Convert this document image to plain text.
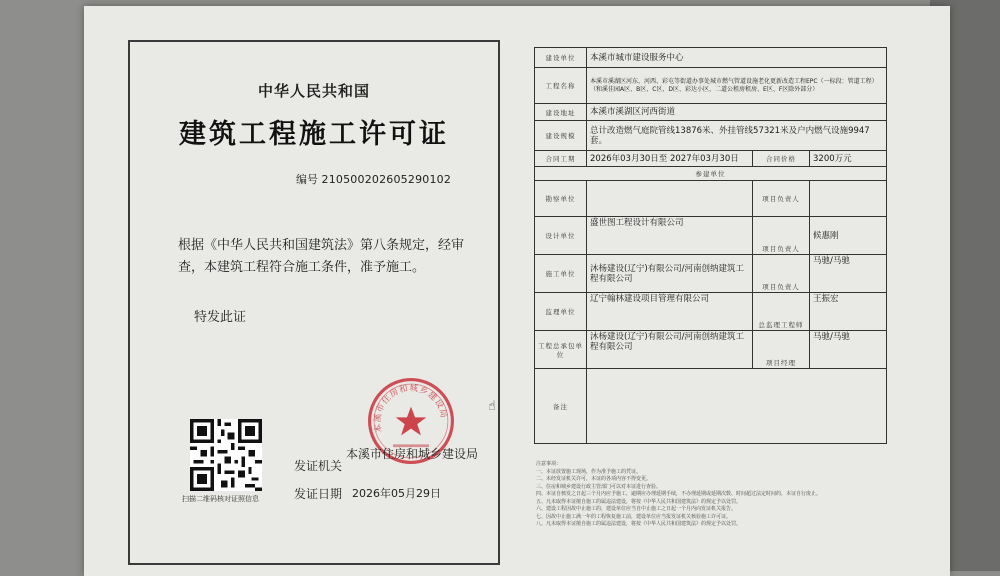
中华人民共和国
建筑工程施工许可证
编号 210500202605290102
根据《中华人民共和国建筑法》第八条规定，经审查，本建筑工程符合施工条件，准予施工。
特发此证
扫描二维码核对证照信息
本溪市住房和城乡建设局
发证机关
本溪市住房和城乡建设局
发证日期 2026年05月29日
☝
建设单位	本溪市城市建设服务中心		
工程名称	本溪市溪湖区河东、河西、彩屯等街道办事处城市燃气管道设施老化更新改造工程EPC（一标段：管道工程）（和溪佳园A区、B区、C区、D区、彩达小区、二道公租房租房、E区、F区除外部分）		
建设地址	本溪市溪湖区河西街道		
建设规模	总计改造燃气庭院管线13876米、外挂管线57321米及户内燃气设施9947套。		
合同工期	2026年03月30日至 2027年03月30日	合同价格	3200万元
参建单位			
勘察单位		项目负责人	
设计单位	盛世图工程设计有限公司	项目负责人	候惠刚
施工单位	沐杨建设(辽宁)有限公司/河南创纳建筑工程有限公司	项目负责人	马驰/马驰
监理单位	辽宁翰林建设项目管理有限公司	总监理工程师	王振宏
工程总承包单位	沐杨建设(辽宁)有限公司/河南创纳建筑工程有限公司	项目经理	马驰/马驰
备注			
注意事项：
一、本证放置施工现场，作为准予施工的凭证。
二、未经发证机关许可，本证的各项内容不得变更。
三、住房和城乡建设行政主管部门可以对本证进行查验。
四、本证自核发之日起三个月内应予施工，逾期应办理延期手续，不办理延期或延期次数、时间超过法定时间的，本证自行废止。
五、凡未取得本证擅自施工的属违法建设，将按《中华人民共和国建筑法》的规定予以处罚。
六、建设工程因故中止施工的，建设单位应当自中止施工之日起一个月内向发证机关报告。
七、因故中止施工满一年的工程恢复施工前，建设单位应当报发证机关核验施工许可证。
八、凡未取得本证擅自施工的属违法建设，将按《中华人民共和国建筑法》的规定予以处罚。
